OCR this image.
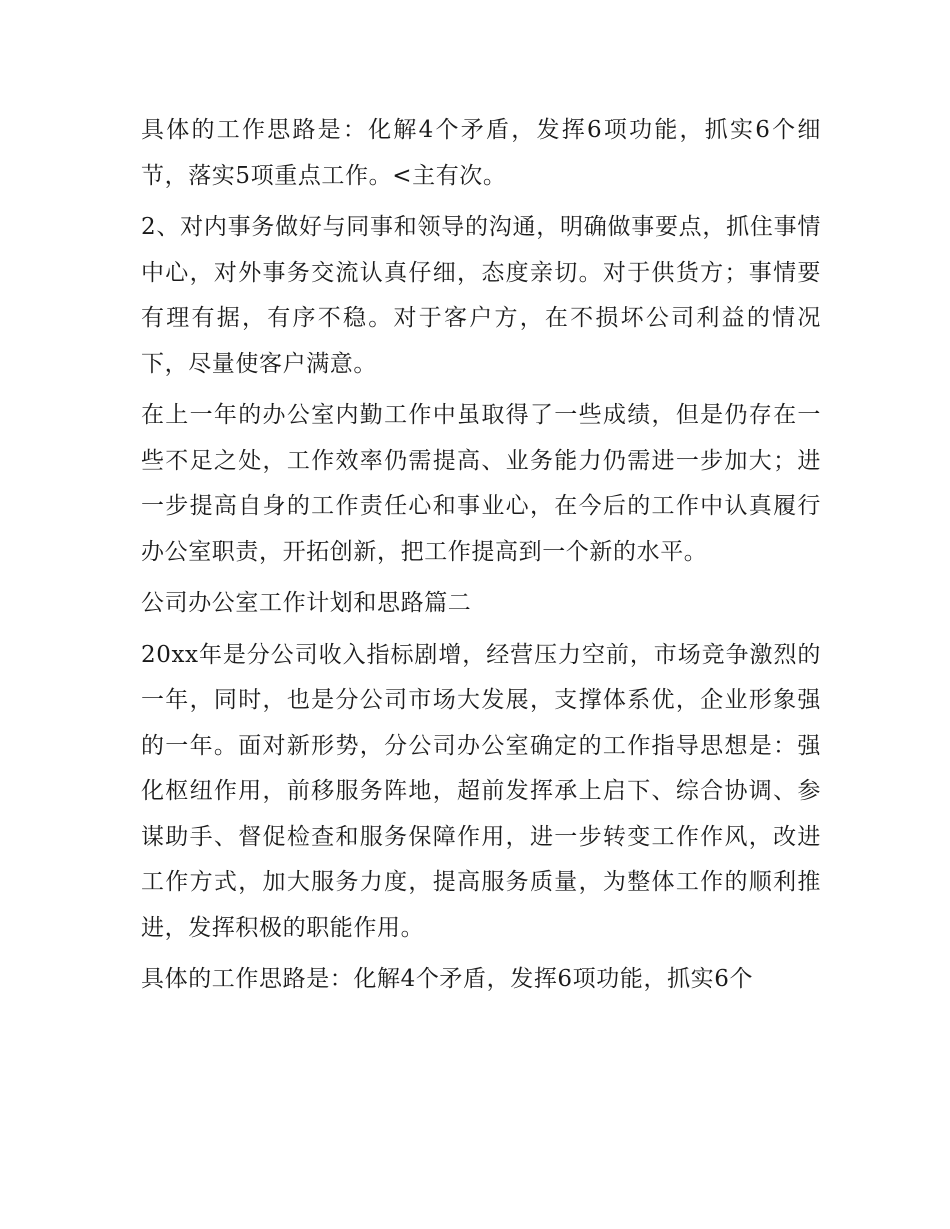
具体的工作思路是：化解4个矛盾，发挥6项功能，抓实6个细节，落实5项重点工作。<主有次。

2、对内事务做好与同事和领导的沟通，明确做事要点，抓住事情中心，对外事务交流认真仔细，态度亲切。对于供货方；事情要有理有据，有序不稳。对于客户方，在不损坏公司利益的情况下，尽量使客户满意。

在上一年的办公室内勤工作中虽取得了一些成绩，但是仍存在一些不足之处，工作效率仍需提高、业务能力仍需进一步加大；进一步提高自身的工作责任心和事业心，在今后的工作中认真履行办公室职责，开拓创新，把工作提高到一个新的水平。

公司办公室工作计划和思路篇二

20xx年是分公司收入指标剧增，经营压力空前，市场竞争激烈的一年，同时，也是分公司市场大发展，支撑体系优，企业形象强的一年。面对新形势，分公司办公室确定的工作指导思想是：强化枢纽作用，前移服务阵地，超前发挥承上启下、综合协调、参谋助手、督促检查和服务保障作用，进一步转变工作作风，改进工作方式，加大服务力度，提高服务质量，为整体工作的顺利推进，发挥积极的职能作用。

具体的工作思路是：化解4个矛盾，发挥6项功能，抓实6个
